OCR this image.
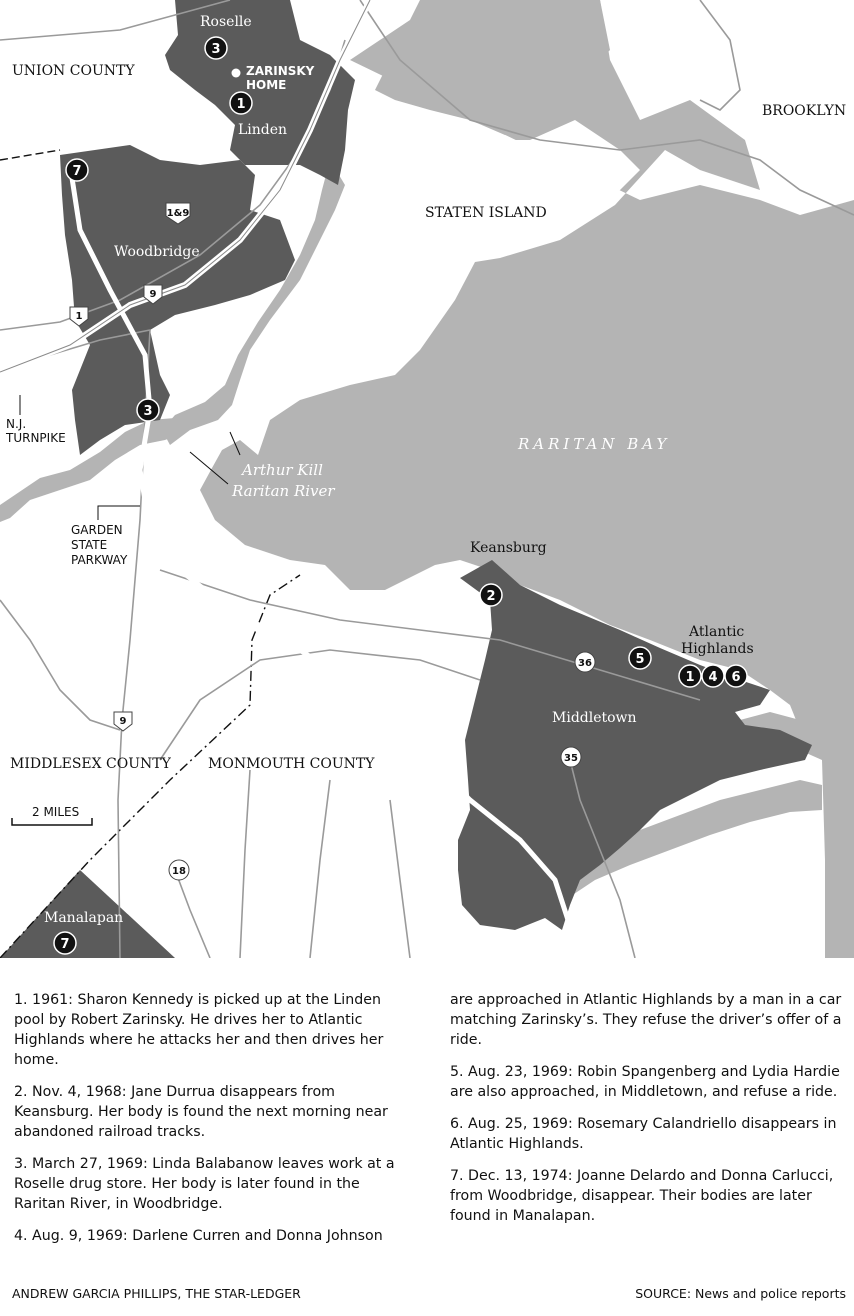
2 MILES
UNION COUNTY
BROOKLYN
STATEN ISLAND
RARITAN BAY
Arthur Kill
Raritan River
N.J.
TURNPIKE
GARDEN
STATE
PARKWAY
MIDDLESEX COUNTY	MONMOUTH COUNTY
Roselle
Linden
Woodbridge
Keansburg
Atlantic
Highlands
Middletown
Manalapan
ZARINSKY
HOME
1&9
9
1
9
36
35
18
1
3
7
3
2
5
1 4 6
7

1. 1961: Sharon Kennedy is picked up at the Linden pool by Robert Zarinsky. He drives her to Atlantic Highlands where he attacks her and then drives her home.

2. Nov. 4, 1968: Jane Durrua disappears from Keansburg. Her body is found the next morning near abandoned railroad tracks.

3. March 27, 1969: Linda Balabanow leaves work at a Roselle drug store. Her body is later found in the Raritan River, in Woodbridge.

4. Aug. 9, 1969: Darlene Curren and Donna Johnson

are approached in Atlantic Highlands by a man in a car matching Zarinsky’s. They refuse the driver’s offer of a ride.

5. Aug. 23, 1969: Robin Spangenberg and Lydia Hardie are also approached, in Middletown, and refuse a ride.

6. Aug. 25, 1969: Rosemary Calandriello disappears in Atlantic Highlands.

7. Dec. 13, 1974: Joanne Delardo and Donna Carlucci, from Woodbridge, disappear. Their bodies are later found in Manalapan.

ANDREW GARCIA PHILLIPS, THE STAR-LEDGER	SOURCE: News and police reports
